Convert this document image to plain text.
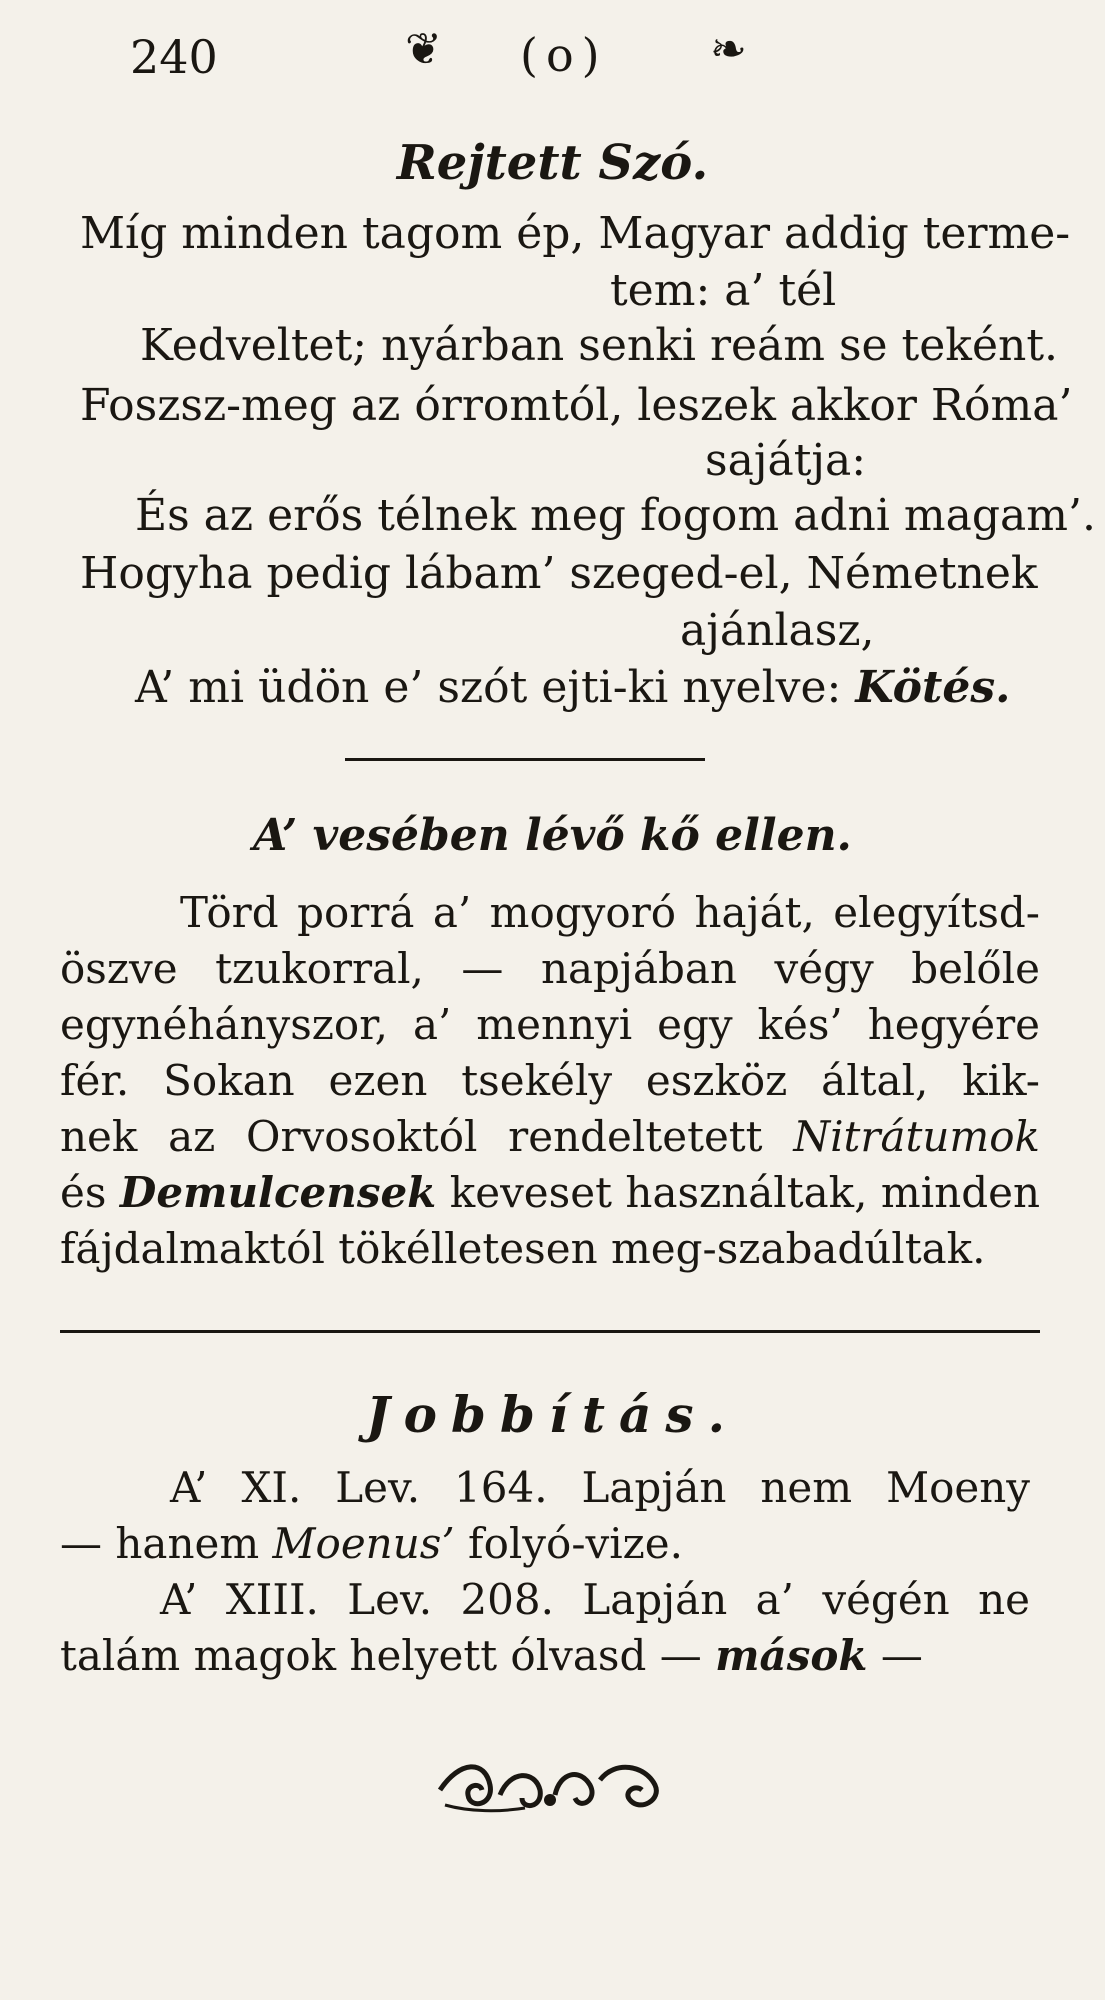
240	❦ (o) ❧
Rejtett Szó.
Míg minden tagom ép, Magyar addig terme-
tem: a’ tél
Kedveltet; nyárban senki reám se teként.
Foszsz-meg az órromtól, leszek akkor Róma’
sajátja:
És az erős télnek meg fogom adni magam’.
Hogyha pedig lábam’ szeged-el, Németnek
ajánlasz,
A’ mi üdön e’ szót ejti-ki nyelve: Kötés.
A’ vesében lévő kő ellen.
Törd porrá a’ mogyoró haját, elegyítsd-
öszve tzukorral, — napjában végy belőle
egynéhányszor, a’ mennyi egy kés’ hegyére
fér. Sokan ezen tsekély eszköz által, kik-
nek az Orvosoktól rendeltetett Nitrátumok
és Demulcensek keveset használtak, minden
fájdalmaktól tökélletesen meg-szabadúltak.
Jobbítás.
A’ XI. Lev. 164. Lapján nem Moeny
— hanem Moenus’ folyó-vize.
A’ XIII. Lev. 208. Lapján a’ végén ne
talám magok helyett ólvasd — mások —
